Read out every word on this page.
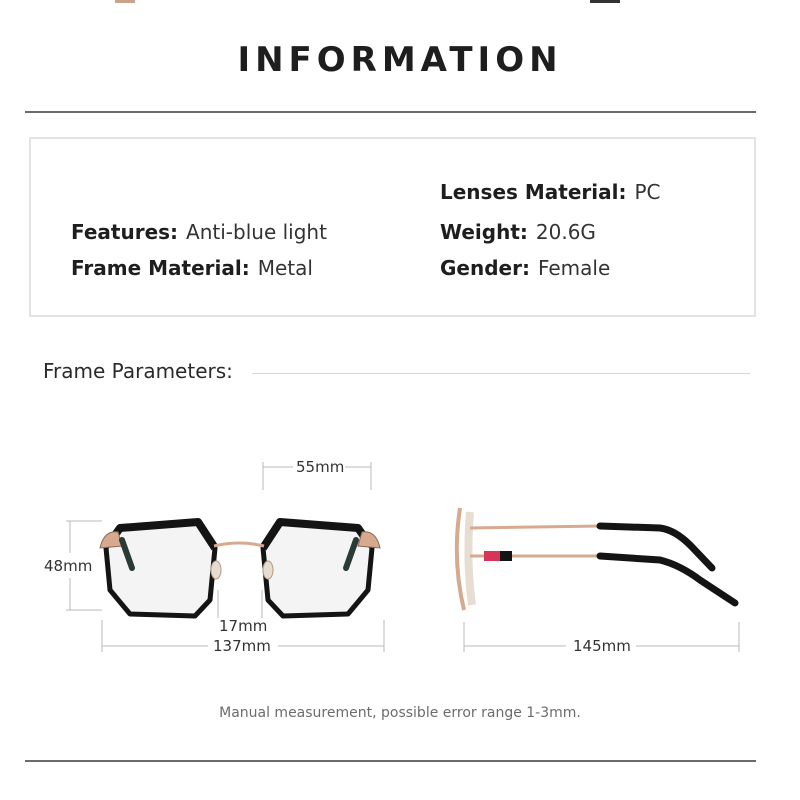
INFORMATION
Lenses Material: PC
Features: Anti-blue light	Weight: 20.6G
Frame Material: Metal	Gender: Female
Frame Parameters:
55mm
48mm
17mm
137mm	145mm
Manual measurement, possible error range 1-3mm.
